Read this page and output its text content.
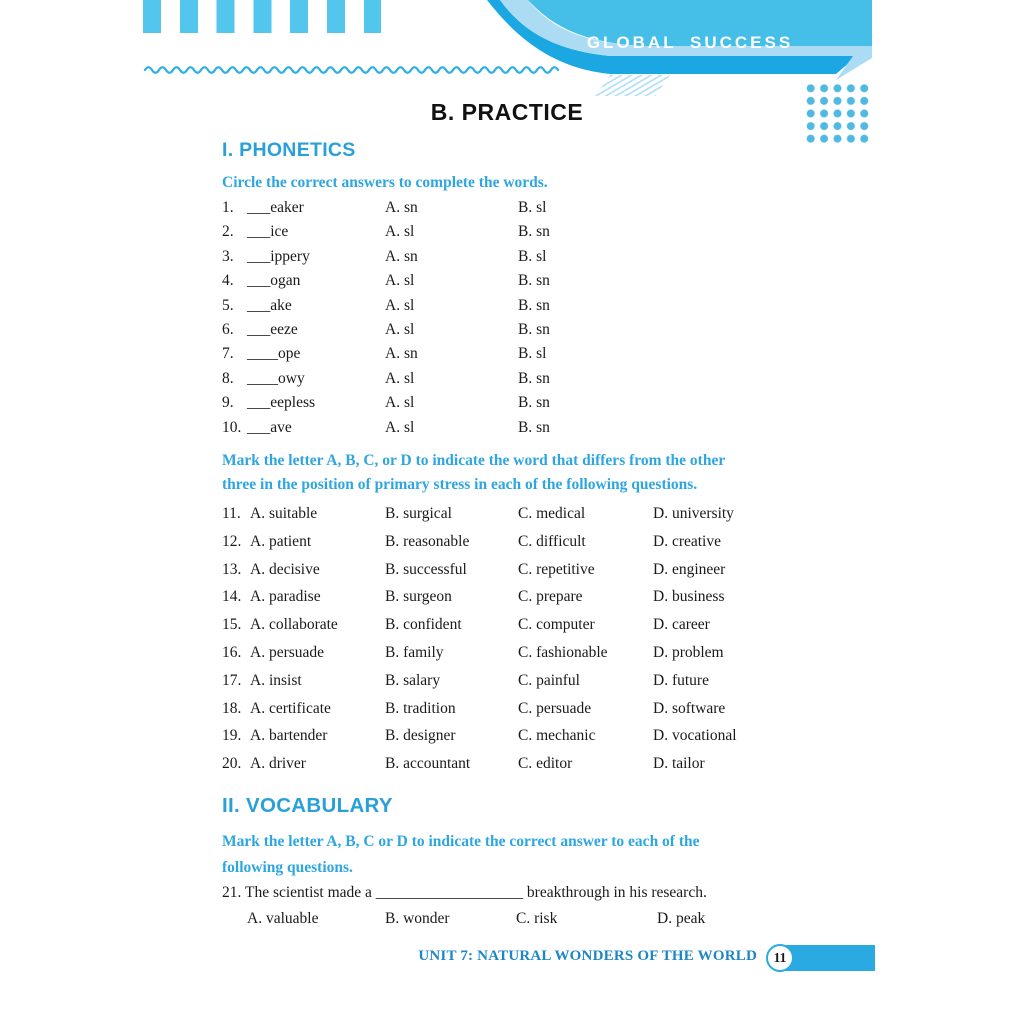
GLOBAL SUCCESS
B. PRACTICE
I. PHONETICS
Circle the correct answers to complete the words.
1. ___eaker	A. sn	B. sl
2. ___ice	A. sl	B. sn
3. ___ippery	A. sn	B. sl
4. ___ogan	A. sl	B. sn
5. ___ake	A. sl	B. sn
6. ___eeze	A. sl	B. sn
7. ____ope	A. sn	B. sl
8. ____owy	A. sl	B. sn
9. ___eepless	A. sl	B. sn
10. ___ave	A. sl	B. sn
Mark the letter A, B, C, or D to indicate the word that differs from the other
three in the position of primary stress in each of the following questions.
11. A. suitable	B. surgical	C. medical	D. university
12. A. patient	B. reasonable	C. difficult	D. creative
13. A. decisive	B. successful	C. repetitive	D. engineer
14. A. paradise	B. surgeon	C. prepare	D. business
15. A. collaborate	B. confident	C. computer	D. career
16. A. persuade	B. family	C. fashionable	D. problem
17. A. insist	B. salary	C. painful	D. future
18. A. certificate	B. tradition	C. persuade	D. software
19. A. bartender	B. designer	C. mechanic	D. vocational
20. A. driver	B. accountant	C. editor	D. tailor
II. VOCABULARY
Mark the letter A, B, C or D to indicate the correct answer to each of the
following questions.
21. The scientist made a ___________________ breakthrough in his research.
A. valuable	B. wonder	C. risk	D. peak
UNIT 7: NATURAL WONDERS OF THE WORLD 11
